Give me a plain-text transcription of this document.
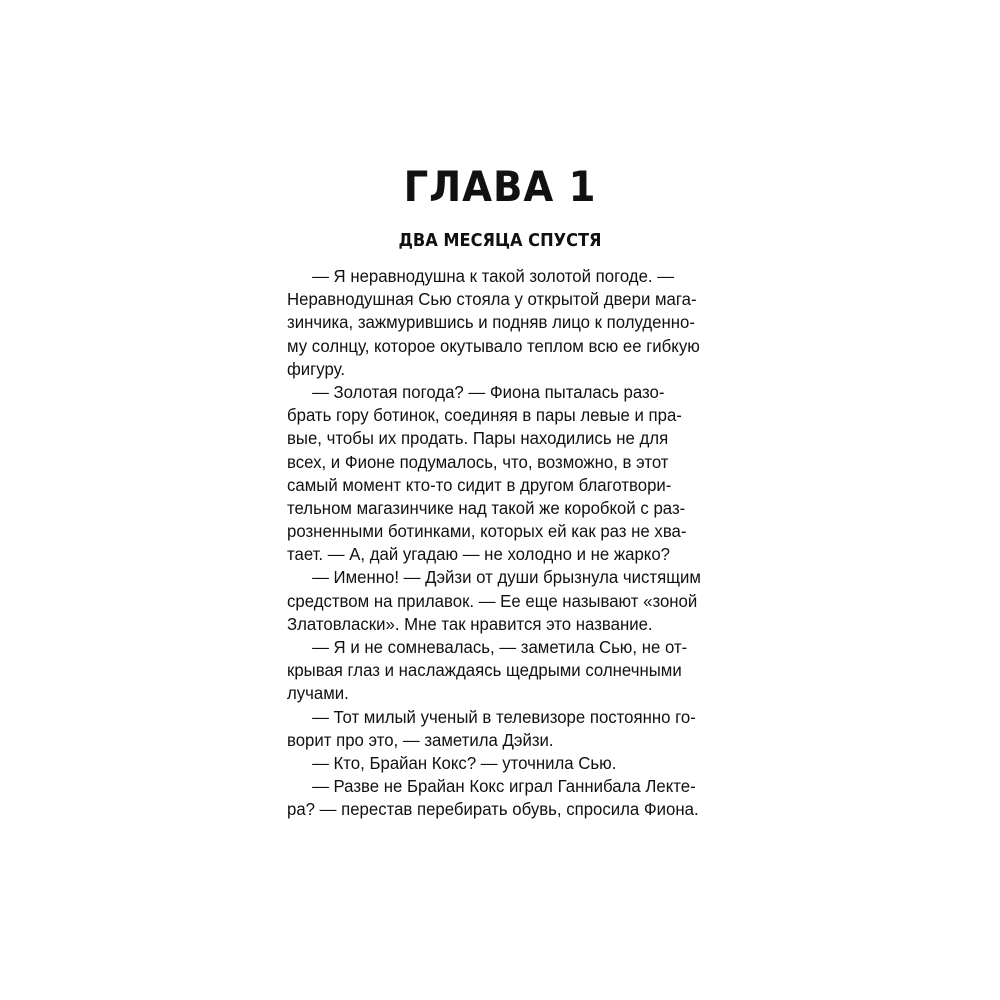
ГЛАВА 1
ДВА МЕСЯЦА СПУСТЯ
— Я неравнодушна к такой золотой погоде. —
Неравнодушная Сью стояла у открытой двери мага-
зинчика, зажмурившись и подняв лицо к полуденно-
му солнцу, которое окутывало теплом всю ее гибкую
фигуру.
— Золотая погода? — Фиона пыталась разо-
брать гору ботинок, соединяя в пары левые и пра-
вые, чтобы их продать. Пары находились не для
всех, и Фионе подумалось, что, возможно, в этот
самый момент кто-то сидит в другом благотвори-
тельном магазинчике над такой же коробкой с раз-
розненными ботинками, которых ей как раз не хва-
тает. — А, дай угадаю — не холодно и не жарко?
— Именно! — Дэйзи от души брызнула чистящим
средством на прилавок. — Ее еще называют «зоной
Златовласки». Мне так нравится это название.
— Я и не сомневалась, — заметила Сью, не от-
крывая глаз и наслаждаясь щедрыми солнечными
лучами.
— Тот милый ученый в телевизоре постоянно го-
ворит про это, — заметила Дэйзи.
— Кто, Брайан Кокс? — уточнила Сью.
— Разве не Брайан Кокс играл Ганнибала Лекте-
ра? — перестав перебирать обувь, спросила Фиона.
